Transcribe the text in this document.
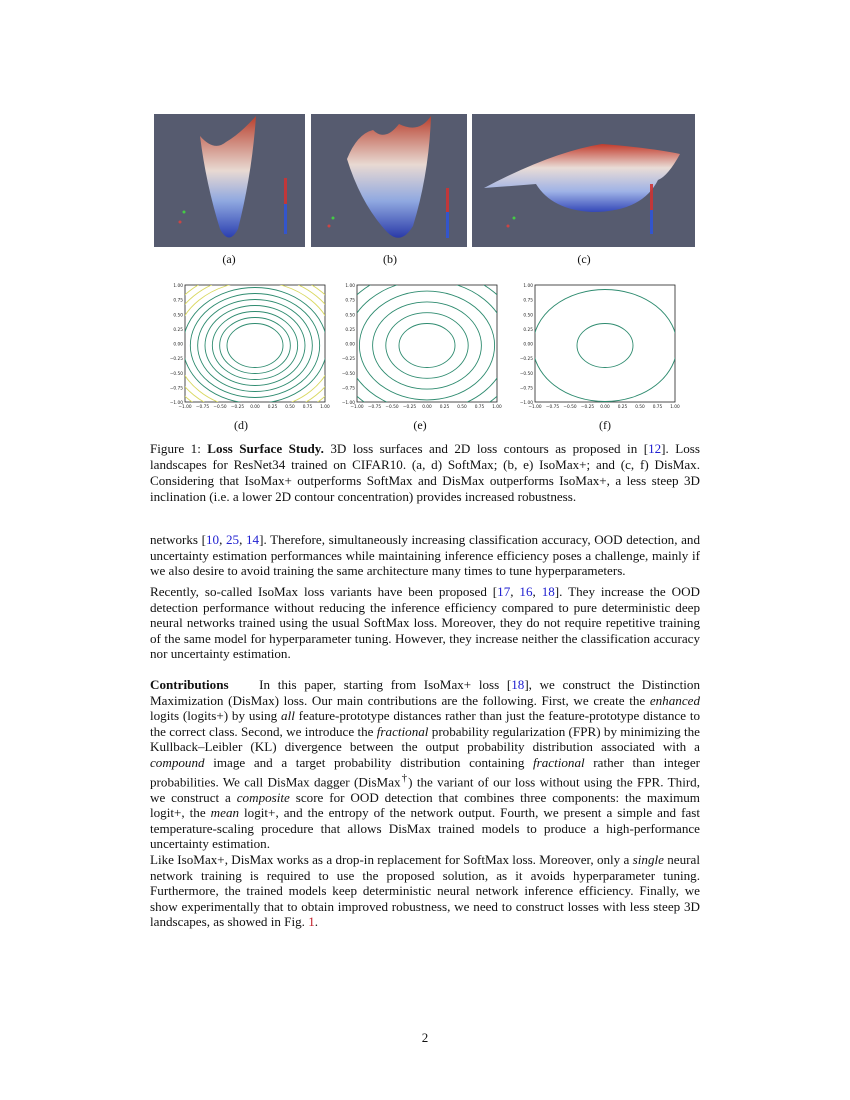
(a)	(b)	(c)
1.00
0.75
0.50
0.25
0.00
−0.25
−0.50
−0.75
−1.00
−1.00 −0.75 −0.50 −0.25 0.00 0.25 0.50 0.75 1.00
1.00
0.75
0.50
0.25
0.00
−0.25
−0.50
−0.75
−1.00
−1.00 −0.75 −0.50 −0.25 0.00 0.25 0.50 0.75 1.00
1.00
0.75
0.50
0.25
0.00
−0.25
−0.50
−0.75
−1.00
−1.00 −0.75 −0.50 −0.25 0.00 0.25 0.50 0.75 1.00
(d)	(e)	(f)
Figure 1: Loss Surface Study. 3D loss surfaces and 2D loss contours as proposed in [12]. Loss landscapes for ResNet34 trained on CIFAR10. (a, d) SoftMax; (b, e) IsoMax+; and (c, f) DisMax. Considering that IsoMax+ outperforms SoftMax and DisMax outperforms IsoMax+, a less steep 3D inclination (i.e. a lower 2D contour concentration) provides increased robustness.
networks [10, 25, 14]. Therefore, simultaneously increasing classification accuracy, OOD detection, and uncertainty estimation performances while maintaining inference efficiency poses a challenge, mainly if we also desire to avoid training the same architecture many times to tune hyperparameters.
Recently, so-called IsoMax loss variants have been proposed [17, 16, 18]. They increase the OOD detection performance without reducing the inference efficiency compared to pure deterministic deep neural networks trained using the usual SoftMax loss. Moreover, they do not require repetitive training of the same model for hyperparameter tuning. However, they increase neither the classification accuracy nor uncertainty estimation.
Contributions    In this paper, starting from IsoMax+ loss [18], we construct the Distinction Maximization (DisMax) loss. Our main contributions are the following. First, we create the enhanced logits (logits+) by using all feature-prototype distances rather than just the feature-prototype distance to the correct class. Second, we introduce the fractional probability regularization (FPR) by minimizing the Kullback–Leibler (KL) divergence between the output probability distribution associated with a compound image and a target probability distribution containing fractional rather than integer probabilities. We call DisMax dagger (DisMax†) the variant of our loss without using the FPR. Third, we construct a composite score for OOD detection that combines three components: the maximum logit+, the mean logit+, and the entropy of the network output. Fourth, we present a simple and fast temperature-scaling procedure that allows DisMax trained models to produce a high-performance uncertainty estimation.
Like IsoMax+, DisMax works as a drop-in replacement for SoftMax loss. Moreover, only a single neural network training is required to use the proposed solution, as it avoids hyperparameter tuning. Furthermore, the trained models keep deterministic neural network inference efficiency. Finally, we show experimentally that to obtain improved robustness, we need to construct losses with less steep 3D landscapes, as showed in Fig. 1.
2
